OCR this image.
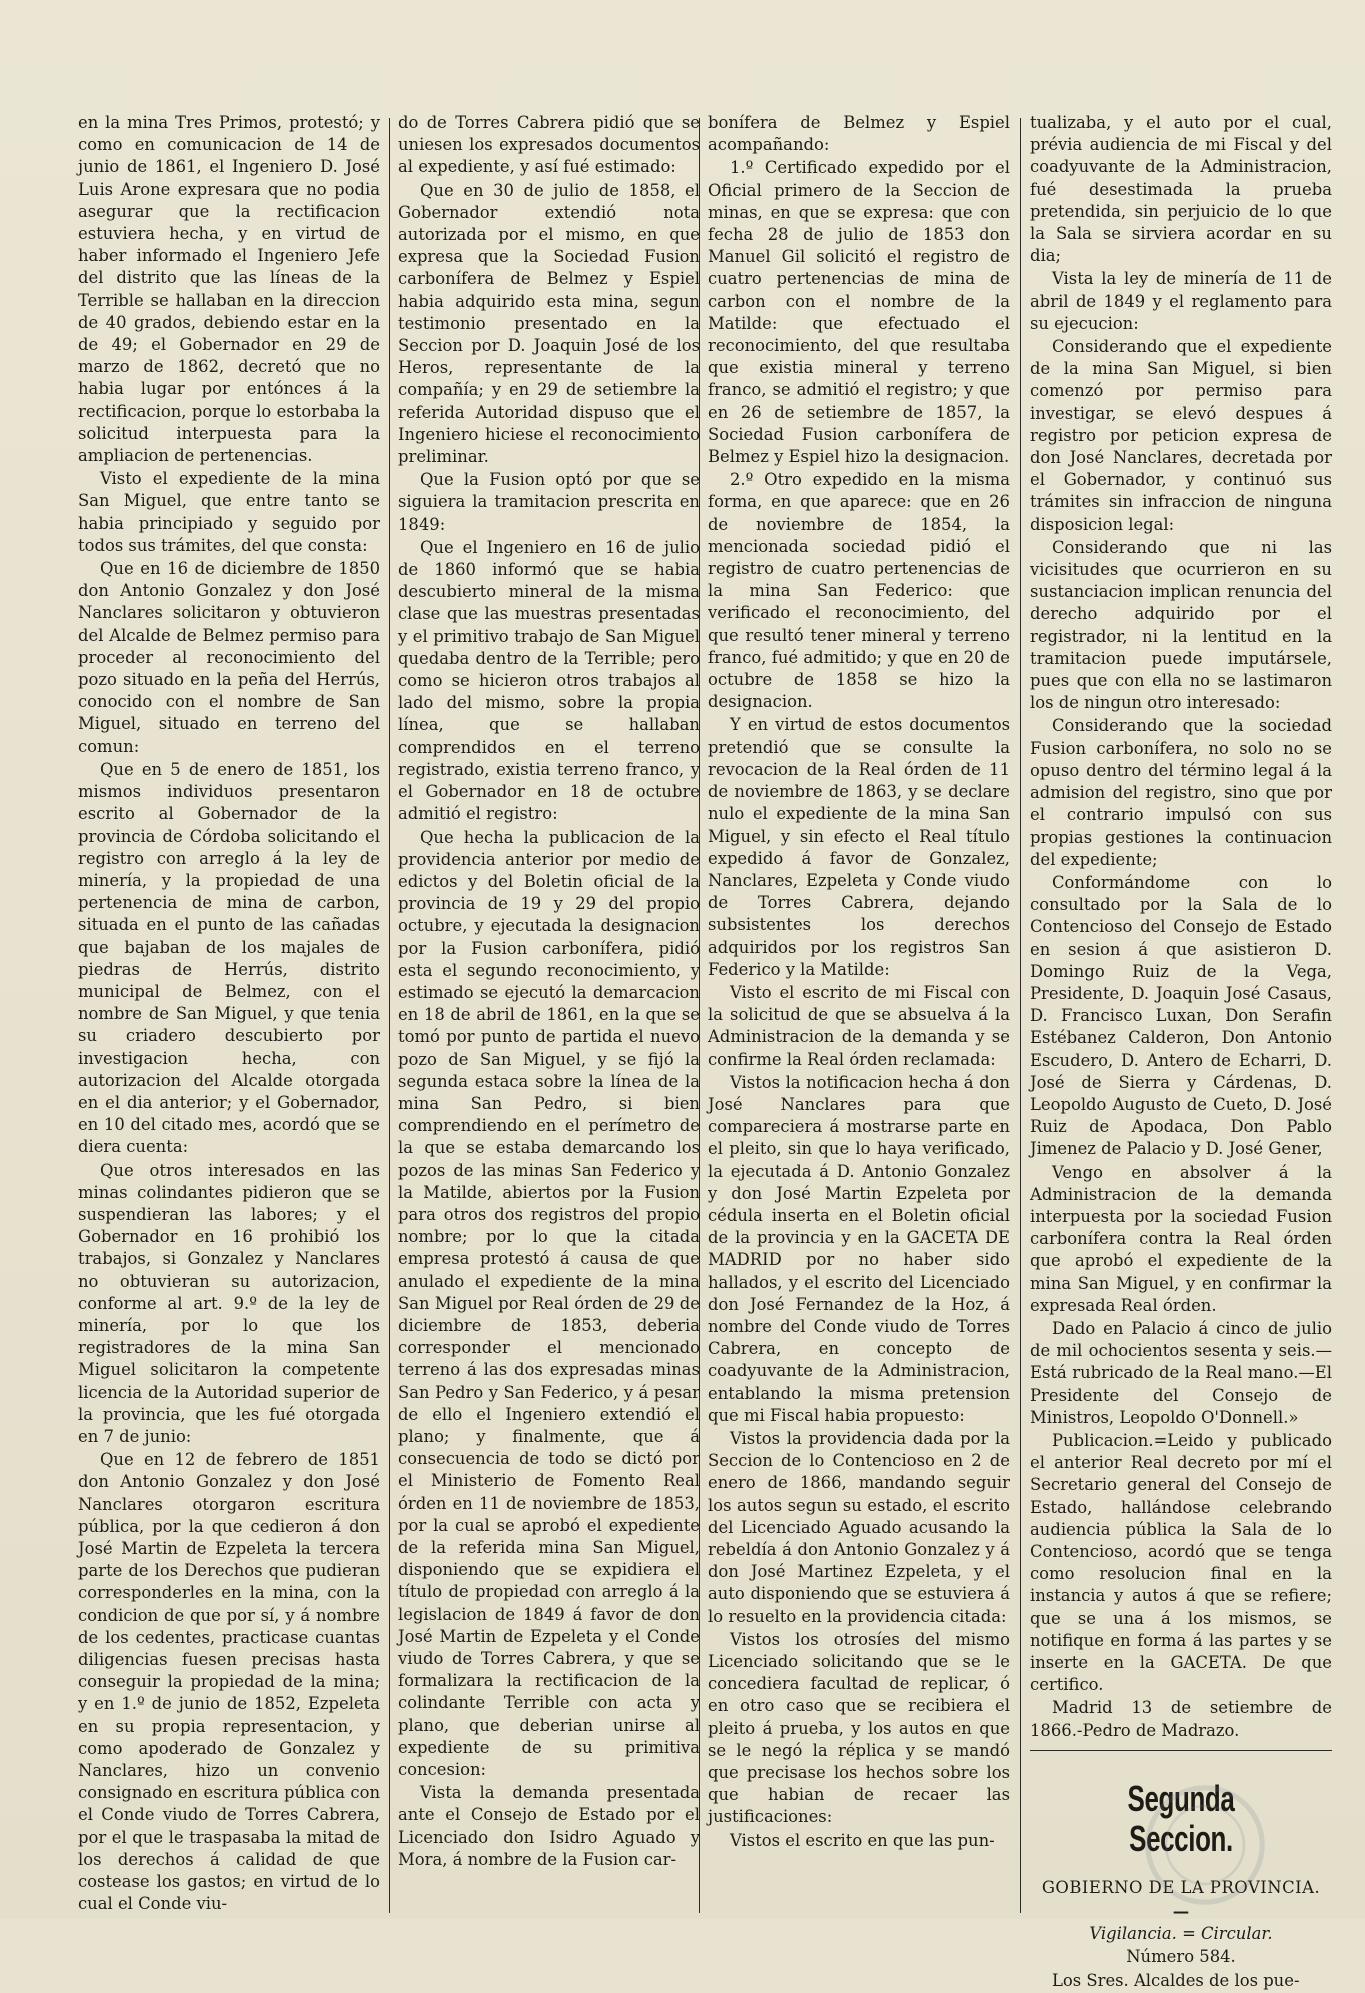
en la mina Tres Primos, protestó; y como en comunicacion de 14 de junio de 1861, el Ingeniero D. José Luis Arone expresara que no podia asegurar que la rectificacion estuviera hecha, y en virtud de haber informado el Ingeniero Jefe del distrito que las líneas de la Terrible se hallaban en la direccion de 40 grados, debiendo estar en la de 49; el Gobernador en 29 de marzo de 1862, decretó que no habia lugar por entónces á la rectificacion, porque lo estorbaba la solicitud interpuesta para la ampliacion de pertenencias.

Visto el expediente de la mina San Miguel, que entre tanto se habia principiado y seguido por todos sus trámites, del que consta:

Que en 16 de diciembre de 1850 don Antonio Gonzalez y don José Nanclares solicitaron y obtuvieron del Alcalde de Belmez permiso para proceder al reconocimiento del pozo situado en la peña del Herrús, conocido con el nombre de San Miguel, situado en terreno del comun:

Que en 5 de enero de 1851, los mismos individuos presentaron escrito al Gobernador de la provincia de Córdoba solicitando el registro con arreglo á la ley de minería, y la propiedad de una pertenencia de mina de carbon, situada en el punto de las cañadas que bajaban de los majales de piedras de Herrús, distrito municipal de Belmez, con el nombre de San Miguel, y que tenia su criadero descubierto por investigacion hecha, con autorizacion del Alcalde otorgada en el dia anterior; y el Gobernador, en 10 del citado mes, acordó que se diera cuenta:

Que otros interesados en las minas colindantes pidieron que se suspendieran las labores; y el Gobernador en 16 prohibió los trabajos, si Gonzalez y Nanclares no obtuvieran su autorizacion, conforme al art. 9.º de la ley de minería, por lo que los registradores de la mina San Miguel solicitaron la competente licencia de la Autoridad superior de la provincia, que les fué otorgada en 7 de junio:

Que en 12 de febrero de 1851 don Antonio Gonzalez y don José Nanclares otorgaron escritura pública, por la que cedieron á don José Martin de Ezpeleta la tercera parte de los Derechos que pudieran corresponderles en la mina, con la condicion de que por sí, y á nombre de los cedentes, practicase cuantas diligencias fuesen precisas hasta conseguir la propiedad de la mina; y en 1.º de junio de 1852, Ezpeleta en su propia representacion, y como apoderado de Gonzalez y Nanclares, hizo un convenio consignado en escritura pública con el Conde viudo de Torres Cabrera, por el que le traspasaba la mitad de los derechos á calidad de que costease los gastos; en virtud de lo cual el Conde viu-

do de Torres Cabrera pidió que se uniesen los expresados documentos al expediente, y así fué estimado:

Que en 30 de julio de 1858, el Gobernador extendió nota autorizada por el mismo, en que expresa que la Sociedad Fusion carbonífera de Belmez y Espiel habia adquirido esta mina, segun testimonio presentado en la Seccion por D. Joaquin José de los Heros, representante de la compañía; y en 29 de setiembre la referida Autoridad dispuso que el Ingeniero hiciese el reconocimiento preliminar.

Que la Fusion optó por que se siguiera la tramitacion prescrita en 1849:

Que el Ingeniero en 16 de julio de 1860 informó que se habia descubierto mineral de la misma clase que las muestras presentadas y el primitivo trabajo de San Miguel quedaba dentro de la Terrible; pero como se hicieron otros trabajos al lado del mismo, sobre la propia línea, que se hallaban comprendidos en el terreno registrado, existia terreno franco, y el Gobernador en 18 de octubre admitió el registro:

Que hecha la publicacion de la providencia anterior por medio de edictos y del Boletin oficial de la provincia de 19 y 29 del propio octubre, y ejecutada la designacion por la Fusion carbonífera, pidió esta el segundo reconocimiento, y estimado se ejecutó la demarcacion en 18 de abril de 1861, en la que se tomó por punto de partida el nuevo pozo de San Miguel, y se fijó la segunda estaca sobre la línea de la mina San Pedro, si bien comprendiendo en el perímetro de la que se estaba demarcando los pozos de las minas San Federico y la Matilde, abiertos por la Fusion para otros dos registros del propio nombre; por lo que la citada empresa protestó á causa de que anulado el expediente de la mina San Miguel por Real órden de 29 de diciembre de 1853, deberia corresponder el mencionado terreno á las dos expresadas minas San Pedro y San Federico, y á pesar de ello el Ingeniero extendió el plano; y finalmente, que á consecuencia de todo se dictó por el Ministerio de Fomento Real órden en 11 de noviembre de 1853, por la cual se aprobó el expediente de la referida mina San Miguel, disponiendo que se expidiera el título de propiedad con arreglo á la legislacion de 1849 á favor de don José Martin de Ezpeleta y el Conde viudo de Torres Cabrera, y que se formalizara la rectificacion de la colindante Terrible con acta y plano, que deberian unirse al expediente de su primitiva concesion:

Vista la demanda presentada ante el Consejo de Estado por el Licenciado don Isidro Aguado y Mora, á nombre de la Fusion car-

bonífera de Belmez y Espiel acompañando:

1.º Certificado expedido por el Oficial primero de la Seccion de minas, en que se expresa: que con fecha 28 de julio de 1853 don Manuel Gil solicitó el registro de cuatro pertenencias de mina de carbon con el nombre de la Matilde: que efectuado el reconocimiento, del que resultaba que existia mineral y terreno franco, se admitió el registro; y que en 26 de setiembre de 1857, la Sociedad Fusion carbonífera de Belmez y Espiel hizo la designacion.

2.º Otro expedido en la misma forma, en que aparece: que en 26 de noviembre de 1854, la mencionada sociedad pidió el registro de cuatro pertenencias de la mina San Federico: que verificado el reconocimiento, del que resultó tener mineral y terreno franco, fué admitido; y que en 20 de octubre de 1858 se hizo la designacion.

Y en virtud de estos documentos pretendió que se consulte la revocacion de la Real órden de 11 de noviembre de 1863, y se declare nulo el expediente de la mina San Miguel, y sin efecto el Real título expedido á favor de Gonzalez, Nanclares, Ezpeleta y Conde viudo de Torres Cabrera, dejando subsistentes los derechos adquiridos por los registros San Federico y la Matilde:

Visto el escrito de mi Fiscal con la solicitud de que se absuelva á la Administracion de la demanda y se confirme la Real órden reclamada:

Vistos la notificacion hecha á don José Nanclares para que compareciera á mostrarse parte en el pleito, sin que lo haya verificado, la ejecutada á D. Antonio Gonzalez y don José Martin Ezpeleta por cédula inserta en el Boletin oficial de la provincia y en la GACETA DE MADRID por no haber sido hallados, y el escrito del Licenciado don José Fernandez de la Hoz, á nombre del Conde viudo de Torres Cabrera, en concepto de coadyuvante de la Administracion, entablando la misma pretension que mi Fiscal habia propuesto:

Vistos la providencia dada por la Seccion de lo Contencioso en 2 de enero de 1866, mandando seguir los autos segun su estado, el escrito del Licenciado Aguado acusando la rebeldía á don Antonio Gonzalez y á don José Martinez Ezpeleta, y el auto disponiendo que se estuviera á lo resuelto en la providencia citada:

Vistos los otrosíes del mismo Licenciado solicitando que se le concediera facultad de replicar, ó en otro caso que se recibiera el pleito á prueba, y los autos en que se le negó la réplica y se mandó que precisase los hechos sobre los que habian de recaer las justificaciones:

Vistos el escrito en que las pun-

tualizaba, y el auto por el cual, prévia audiencia de mi Fiscal y del coadyuvante de la Administracion, fué desestimada la prueba pretendida, sin perjuicio de lo que la Sala se sirviera acordar en su dia;

Vista la ley de minería de 11 de abril de 1849 y el reglamento para su ejecucion:

Considerando que el expediente de la mina San Miguel, si bien comenzó por permiso para investigar, se elevó despues á registro por peticion expresa de don José Nanclares, decretada por el Gobernador, y continuó sus trámites sin infraccion de ninguna disposicion legal:

Considerando que ni las vicisitudes que ocurrieron en su sustanciacion implican renuncia del derecho adquirido por el registrador, ni la lentitud en la tramitacion puede imputársele, pues que con ella no se lastimaron los de ningun otro interesado:

Considerando que la sociedad Fusion carbonífera, no solo no se opuso dentro del término legal á la admision del registro, sino que por el contrario impulsó con sus propias gestiones la continuacion del expediente;

Conformándome con lo consultado por la Sala de lo Contencioso del Consejo de Estado en sesion á que asistieron D. Domingo Ruiz de la Vega, Presidente, D. Joaquin José Casaus, D. Francisco Luxan, Don Serafin Estébanez Calderon, Don Antonio Escudero, D. Antero de Echarri, D. José de Sierra y Cárdenas, D. Leopoldo Augusto de Cueto, D. José Ruiz de Apodaca, Don Pablo Jimenez de Palacio y D. José Gener,

Vengo en absolver á la Administracion de la demanda interpuesta por la sociedad Fusion carbonífera contra la Real órden que aprobó el expediente de la mina San Miguel, y en confirmar la expresada Real órden.

Dado en Palacio á cinco de julio de mil ochocientos sesenta y seis.—Está rubricado de la Real mano.—El Presidente del Consejo de Ministros, Leopoldo O'Donnell.»

Publicacion.=Leido y publicado el anterior Real decreto por mí el Secretario general del Consejo de Estado, hallándose celebrando audiencia pública la Sala de lo Contencioso, acordó que se tenga como resolucion final en la instancia y autos á que se refiere; que se una á los mismos, se notifique en forma á las partes y se inserte en la GACETA. De que certifico.

Madrid 13 de setiembre de 1866.-Pedro de Madrazo.

Segunda Seccion.
GOBIERNO DE LA PROVINCIA.
—

Vigilancia. = Circular.

Número 584.

Los Sres. Alcaldes de los pue-
